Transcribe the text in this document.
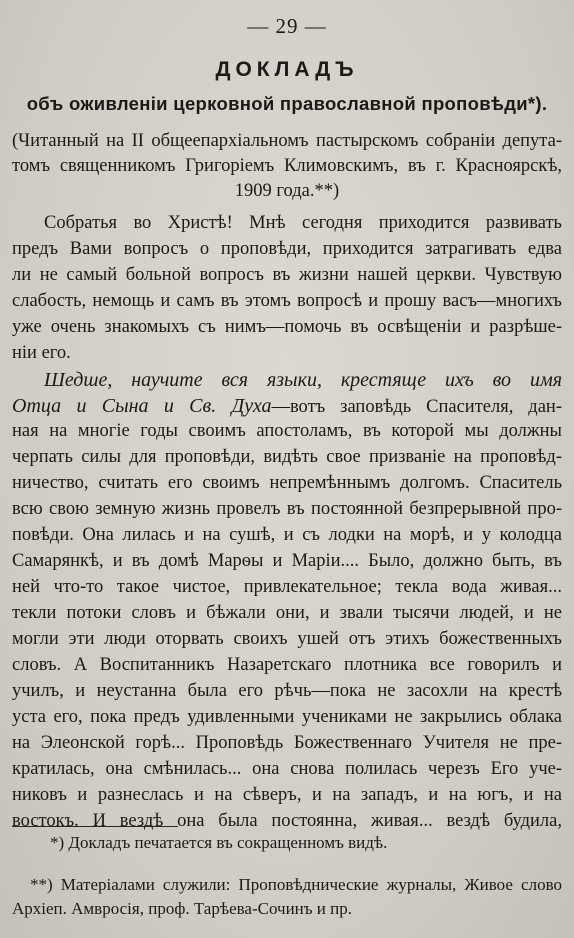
— 29 —
ДОКЛАДЪ
объ оживленіи церковной православной проповѣди*).
(Читанный на II общеепархіальномъ пастырскомъ собраніи депута-
томъ священникомъ Григоріемъ Климовскимъ, въ г. Красноярскѣ,
1909 года.**)
Собратья во Христѣ! Мнѣ сегодня приходится развивать
предъ Вами вопросъ о проповѣди, приходится затрагивать едва
ли не самый больной вопросъ въ жизни нашей церкви. Чувствую
слабость, немощь и самъ въ этомъ вопросѣ и прошу васъ—многихъ
уже очень знакомыхъ съ нимъ—помочь въ освѣщеніи и разрѣше-
ніи его.
Шедше, научите вся языки, крестяще ихъ во имя
Отца и Сына и Св. Духа—вотъ заповѣдь Спасителя, дан-
ная на многіе годы своимъ апостоламъ, въ которой мы должны
черпать силы для проповѣди, видѣть свое призваніе на проповѣд-
ничество, считать его своимъ непремѣннымъ долгомъ. Спаситель
всю свою земную жизнь провелъ въ постоянной безпрерывной про-
повѣди. Она лилась и на сушѣ, и съ лодки на морѣ, и у колодца
Самарянкѣ, и въ домѣ Марѳы и Маріи.... Было, должно быть, въ
ней что-то такое чистое, привлекательное; текла вода живая...
текли потоки словъ и бѣжали они, и звали тысячи людей, и не
могли эти люди оторвать своихъ ушей отъ этихъ божественныхъ
словъ. А Воспитанникъ Назаретскаго плотника все говорилъ и
училъ, и неустанна была его рѣчь—пока не засохли на крестѣ
уста его, пока предъ удивленными учениками не закрылись облака
на Элеонской горѣ... Проповѣдь Божественнаго Учителя не пре-
кратилась, она смѣнилась... она снова полилась черезъ Его уче-
никовъ и разнеслась и на сѣверъ, и на западъ, и на югъ, и на
востокъ. И вездѣ она была постоянна, живая... вездѣ будила,
*) Докладъ печатается въ сокращенномъ видѣ.
**) Матеріалами служили: Проповѣднические журналы, Живое слово
Архіеп. Амвросія, проф. Тарѣева-Сочинъ и пр.
